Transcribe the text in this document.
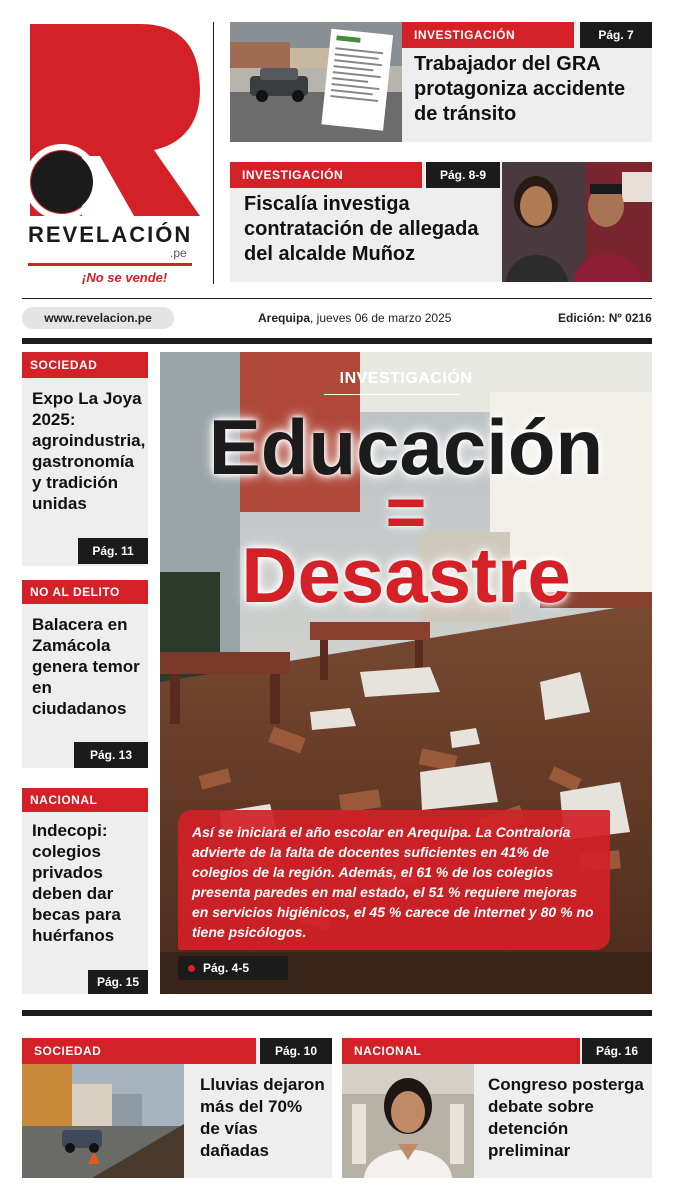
REVELACIÓN
.pe
¡No se vende!
INVESTIGACIÓN	Pág. 7
Trabajador del GRA protagoniza accidente de tránsito
INVESTIGACIÓN	Pág. 8-9
Fiscalía investiga contratación de allegada del alcalde Muñoz
www.revelacion.pe	Arequipa, jueves 06 de marzo 2025	Edición: Nº 0216
SOCIEDAD
Expo La Joya 2025: agroindustria, gastronomía y tradición unidas
Pág. 11
NO AL DELITO
Balacera en Zamácola genera temor en ciudadanos
Pág. 13
NACIONAL
Indecopi: colegios privados deben dar becas para huérfanos
Pág. 15
INVESTIGACIÓN
Educación
=
Desastre
Así se iniciará el año escolar en Arequipa. La Contraloría advierte de la falta de docentes suficientes en 41% de colegios de la región. Además, el 61 % de los colegios presenta paredes en mal estado, el 51 % requiere mejoras en servicios higiénicos, el 45 % carece de internet y 80 % no tiene psicólogos.
Pág. 4-5
SOCIEDAD	Pág. 10
Lluvias dejaron más del 70% de vías dañadas
NACIONAL	Pág. 16
Congreso posterga debate sobre detención preliminar
